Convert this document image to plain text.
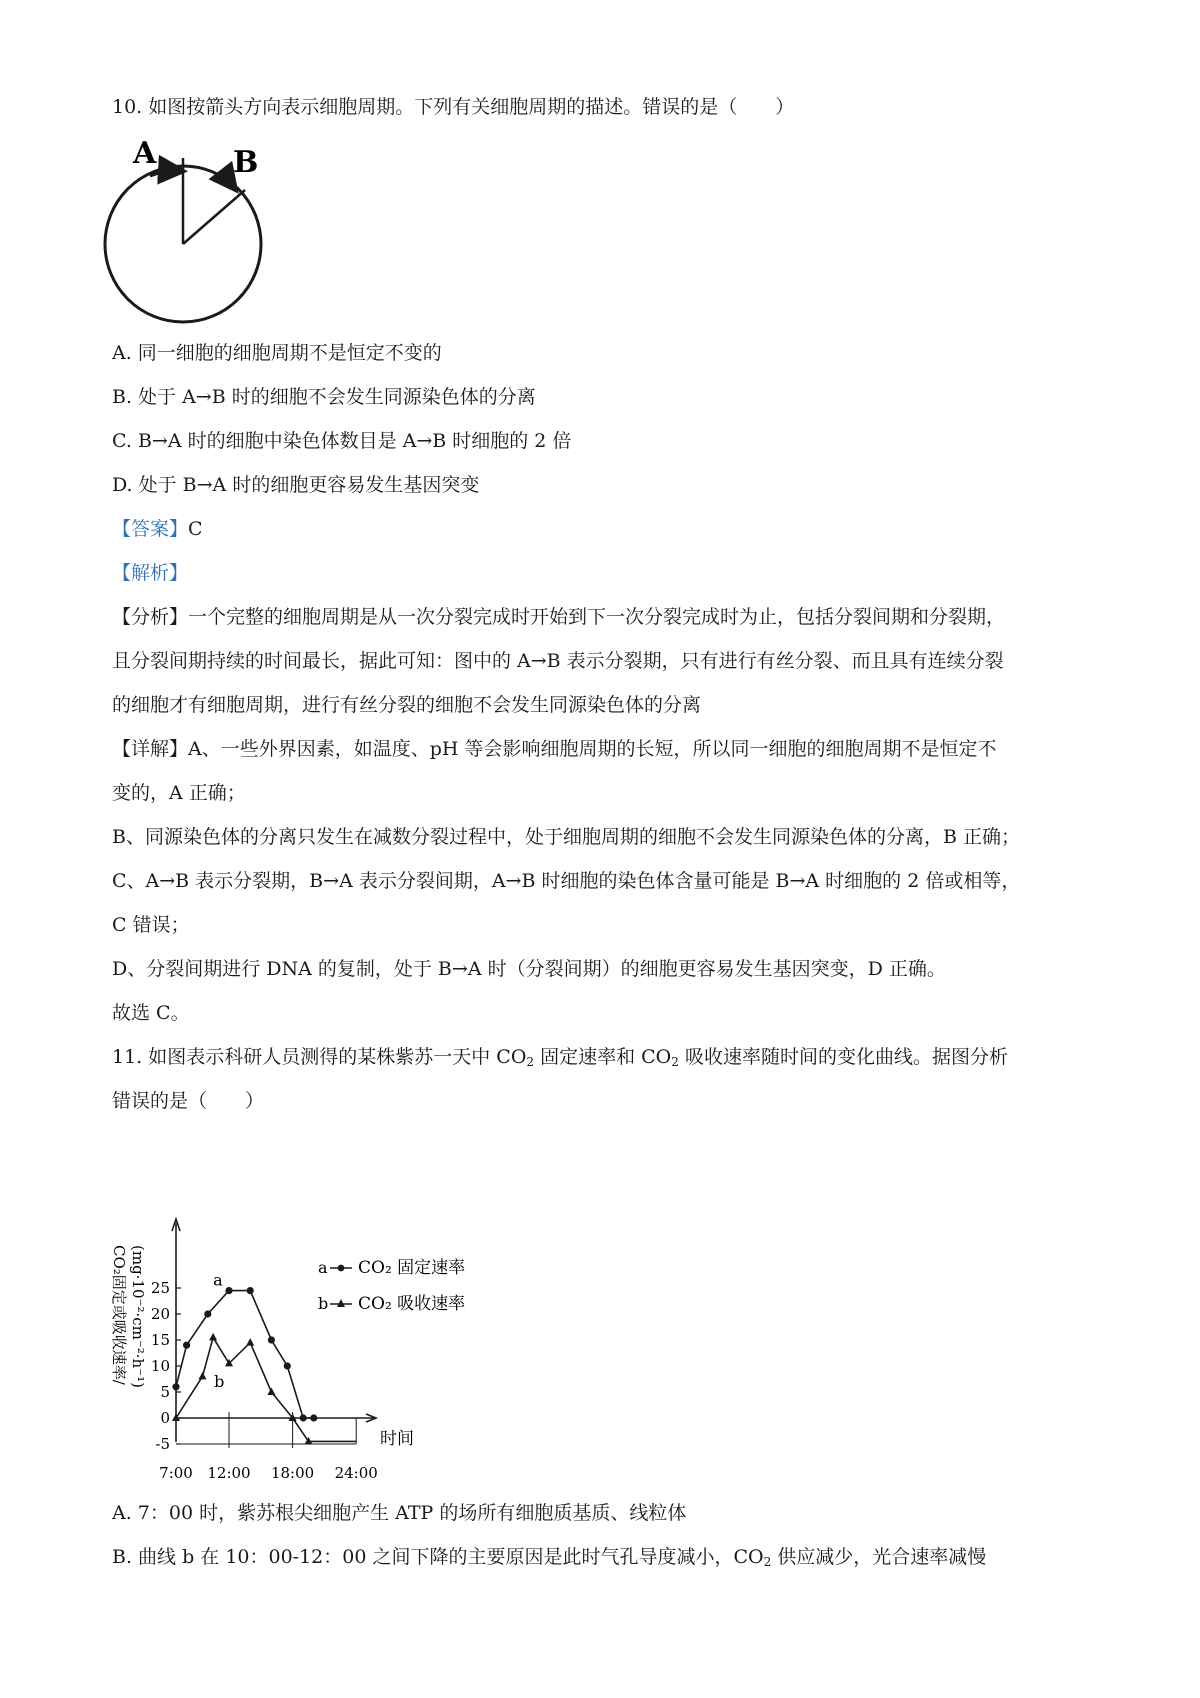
10. 如图按箭头方向表示细胞周期。下列有关细胞周期的描述。错误的是（　　）
A	B
A. 同一细胞的细胞周期不是恒定不变的
B. 处于 A→B 时的细胞不会发生同源染色体的分离
C. B→A 时的细胞中染色体数目是 A→B 时细胞的 2 倍
D. 处于 B→A 时的细胞更容易发生基因突变
【答案】C
【解析】
【分析】一个完整的细胞周期是从一次分裂完成时开始到下一次分裂完成时为止，包括分裂间期和分裂期，
且分裂间期持续的时间最长，据此可知：图中的 A→B 表示分裂期，只有进行有丝分裂、而且具有连续分裂
的细胞才有细胞周期，进行有丝分裂的细胞不会发生同源染色体的分离
【详解】A、一些外界因素，如温度、pH 等会影响细胞周期的长短，所以同一细胞的细胞周期不是恒定不
变的，A 正确；
B、同源染色体的分离只发生在减数分裂过程中，处于细胞周期的细胞不会发生同源染色体的分离，B 正确；
C、A→B 表示分裂期，B→A 表示分裂间期，A→B 时细胞的染色体含量可能是 B→A 时细胞的 2 倍或相等，
C 错误；
D、分裂间期进行 DNA 的复制，处于 B→A 时（分裂间期）的细胞更容易发生基因突变，D 正确。
故选 C。
11. 如图表示科研人员测得的某株紫苏一天中 $CO_2$ 固定速率和 $CO_2$ 吸收速率随时间的变化曲线。据图分析
错误的是（　　）
CO₂固定或吸收速率/ (mg·10⁻²·cm⁻²·h⁻¹) 25
20
15
10
5
0
-5
7:00 12:00 18:00 24:00
时间
a
b
a CO₂ 固定速率
b CO₂ 吸收速率
A. 7：00 时，紫苏根尖细胞产生 ATP 的场所有细胞质基质、线粒体
B. 曲线 b 在 10：00-12：00 之间下降的主要原因是此时气孔导度减小，$CO_2$ 供应减少，光合速率减慢
